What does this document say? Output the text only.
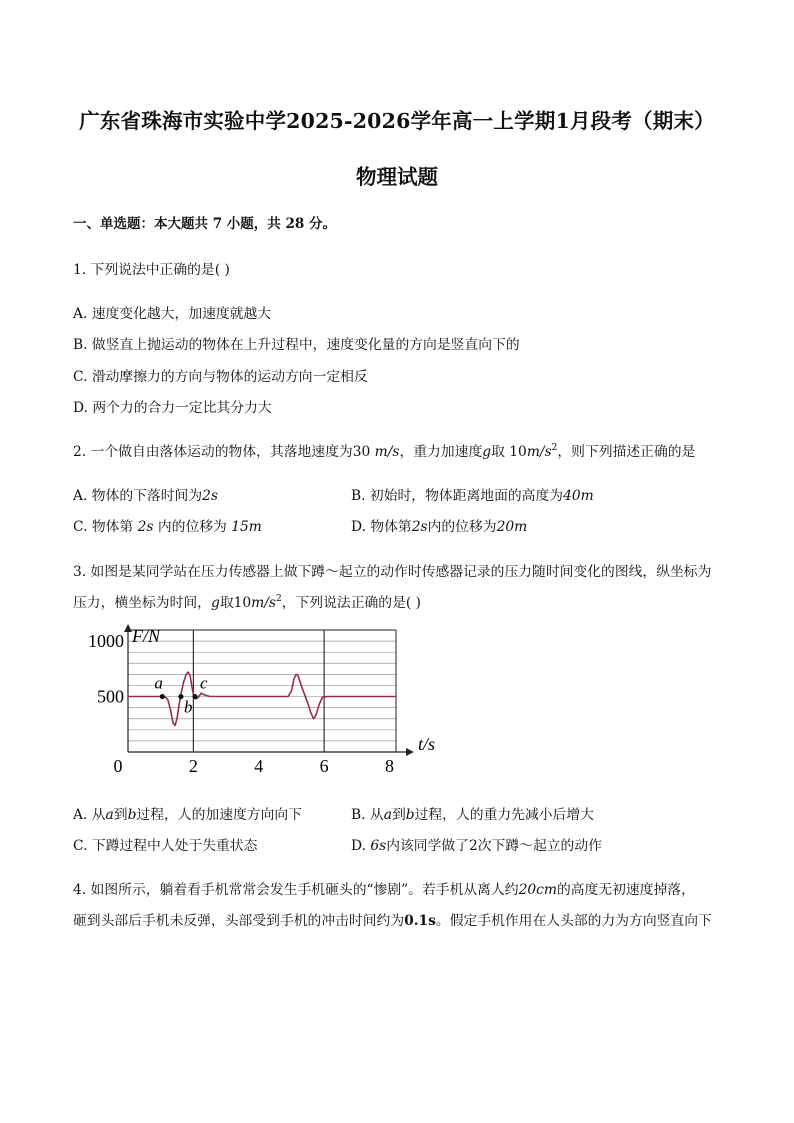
广东省珠海市实验中学2025-2026学年高一上学期1月段考（期末）
物理试题
一、单选题：本大题共 7 小题，共 28 分。
1. 下列说法中正确的是( )
A. 速度变化越大，加速度就越大
B. 做竖直上抛运动的物体在上升过程中，速度变化量的方向是竖直向下的
C. 滑动摩擦力的方向与物体的运动方向一定相反
D. 两个力的合力一定比其分力大
2. 一个做自由落体运动的物体，其落地速度为30 m/s，重力加速度g取 $10m/s^2$，则下列描述正确的是
A. 物体的下落时间为2s	B. 初始时，物体距离地面的高度为40m
C. 物体第 2s 内的位移为 15m	D. 物体第2s内的位移为20m
3. 如图是某同学站在压力传感器上做下蹲～起立的动作时传感器记录的压力随时间变化的图线，纵坐标为
压力，横坐标为时间，g取$10m/s^2$，下列说法正确的是( )
500
1000
0	2	4	6	8
F/N
t/s
a
b
c
A. 从a到b过程，人的加速度方向向下	B. 从a到b过程，人的重力先减小后增大
C. 下蹲过程中人处于失重状态	D. 6s内该同学做了2次下蹲～起立的动作
4. 如图所示，躺着看手机常常会发生手机砸头的“惨剧”。若手机从离人约20cm的高度无初速度掉落，
砸到头部后手机未反弹，头部受到手机的冲击时间约为0.1s。假定手机作用在人头部的力为方向竖直向下
